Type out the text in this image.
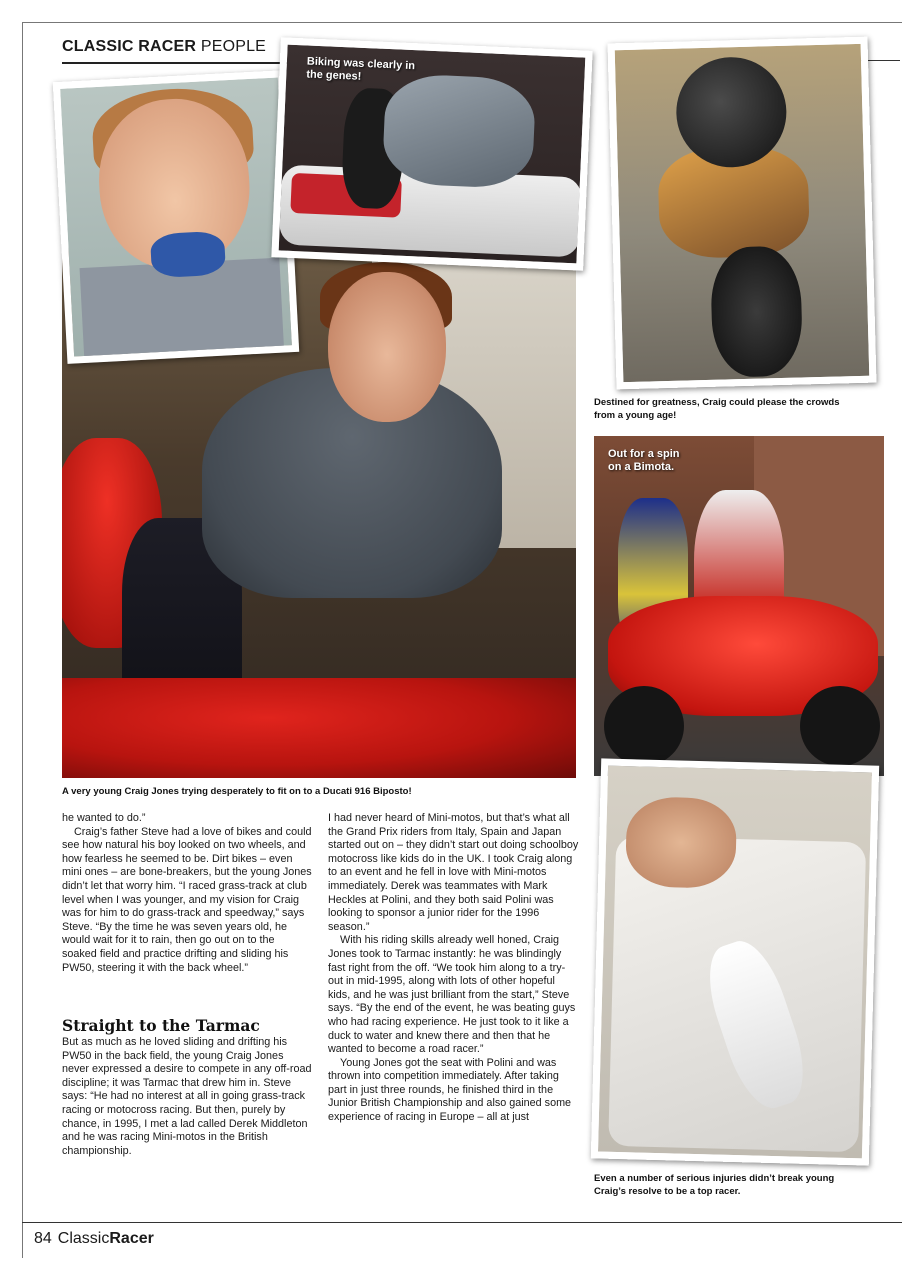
CLASSIC RACER PEOPLE
Biking was clearly in the genes!
Destined for greatness, Craig could please the crowds from a young age!
Out for a spin on a Bimota.
Even a number of serious injuries didn’t break young Craig’s resolve to be a top racer.
A very young Craig Jones trying desperately to fit on to a Ducati 916 Biposto!

he wanted to do.”

Craig’s father Steve had a love of bikes and could see how natural his boy looked on two wheels, and how fearless he seemed to be. Dirt bikes – even mini ones – are bone-breakers, but the young Jones didn’t let that worry him. “I raced grass-track at club level when I was younger, and my vision for Craig was for him to do grass-track and speedway,” says Steve. “By the time he was seven years old, he would wait for it to rain, then go out on to the soaked field and practice drifting and sliding his PW50, steering it with the back wheel.”

Straight to the Tarmac

But as much as he loved sliding and drifting his PW50 in the back field, the young Craig Jones never expressed a desire to compete in any off-road discipline; it was Tarmac that drew him in. Steve says: “He had no interest at all in going grass-track racing or motocross racing. But then, purely by chance, in 1995, I met a lad called Derek Middleton and he was racing Mini-motos in the British championship.

I had never heard of Mini-motos, but that’s what all the Grand Prix riders from Italy, Spain and Japan started out on – they didn’t start out doing schoolboy motocross like kids do in the UK. I took Craig along to an event and he fell in love with Mini-motos immediately. Derek was teammates with Mark Heckles at Polini, and they both said Polini was looking to sponsor a junior rider for the 1996 season.”

With his riding skills already well honed, Craig Jones took to Tarmac instantly: he was blindingly fast right from the off. “We took him along to a try-out in mid-1995, along with lots of other hopeful kids, and he was just brilliant from the start,” Steve says. “By the end of the event, he was beating guys who had racing experience. He just took to it like a duck to water and knew there and then that he wanted to become a road racer.”

Young Jones got the seat with Polini and was thrown into competition immediately. After taking part in just three rounds, he finished third in the Junior British Championship and also gained some experience of racing in Europe – all at just

84 ClassicRacer
